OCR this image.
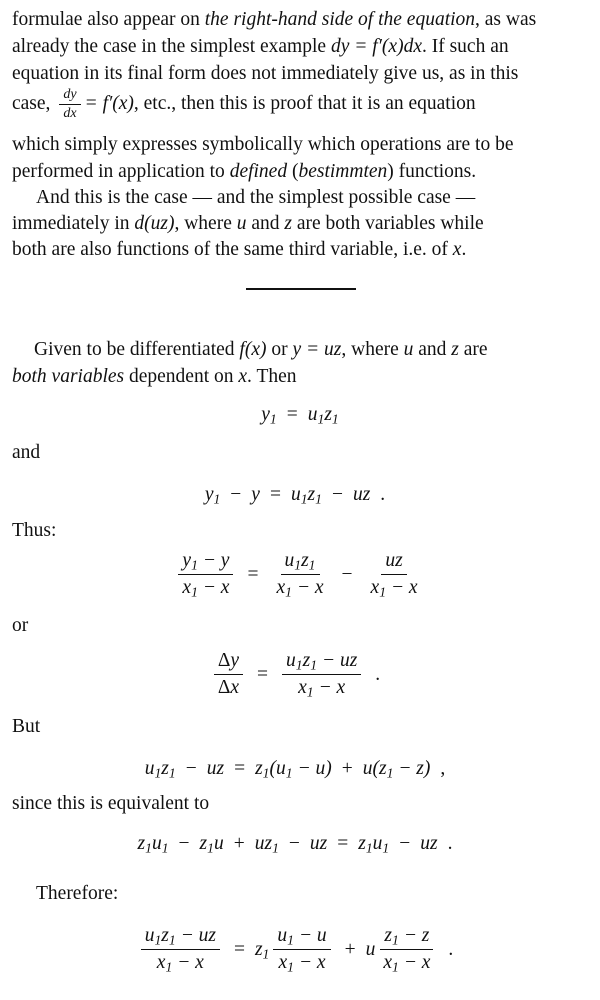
formulae also appear on the right-hand side of the equation, as was
already the case in the simplest example dy = f′(x)dx. If such an
equation in its final form does not immediately give us, as in this
case, $\frac{dy}{dx} = f'(x)$, etc., then this is proof that it is an equation
which simply expresses symbolically which operations are to be
performed in application to defined (bestimmten) functions.
And this is the case — and the simplest possible case —
immediately in d(uz), where u and z are both variables while
both are also functions of the same third variable, i.e. of x.
Given to be differentiated f(x) or y = uz, where u and z are
both variables dependent on x. Then
$y_1 = u_1z_1$
and
$y_1 - y = u_1z_1$ − uz .
Thus:
$\frac{y_1 - y}{x_1 - x} = \frac{u_1z_1}{x_1 - x} - \frac{uz}{x_1 - x}$
or
$\frac{\Delta y}{\Delta x} = \frac{u_1z_1 - uz}{x_1 - x}$ .
But
$u_1z_1$ − uz = $z_1(u_1 - u) + u(z_1 - z)$ ,
since this is equivalent to
$z_1u_1 - z_1u + uz_1$ − uz = $z_1u_1$ − uz .
Therefore:
$\frac{u_1z_1 - uz}{x_1 - x} = z_1 \frac{u_1 - u}{x_1 - x} + u \frac{z_1 - z}{x_1 - x}$ .
